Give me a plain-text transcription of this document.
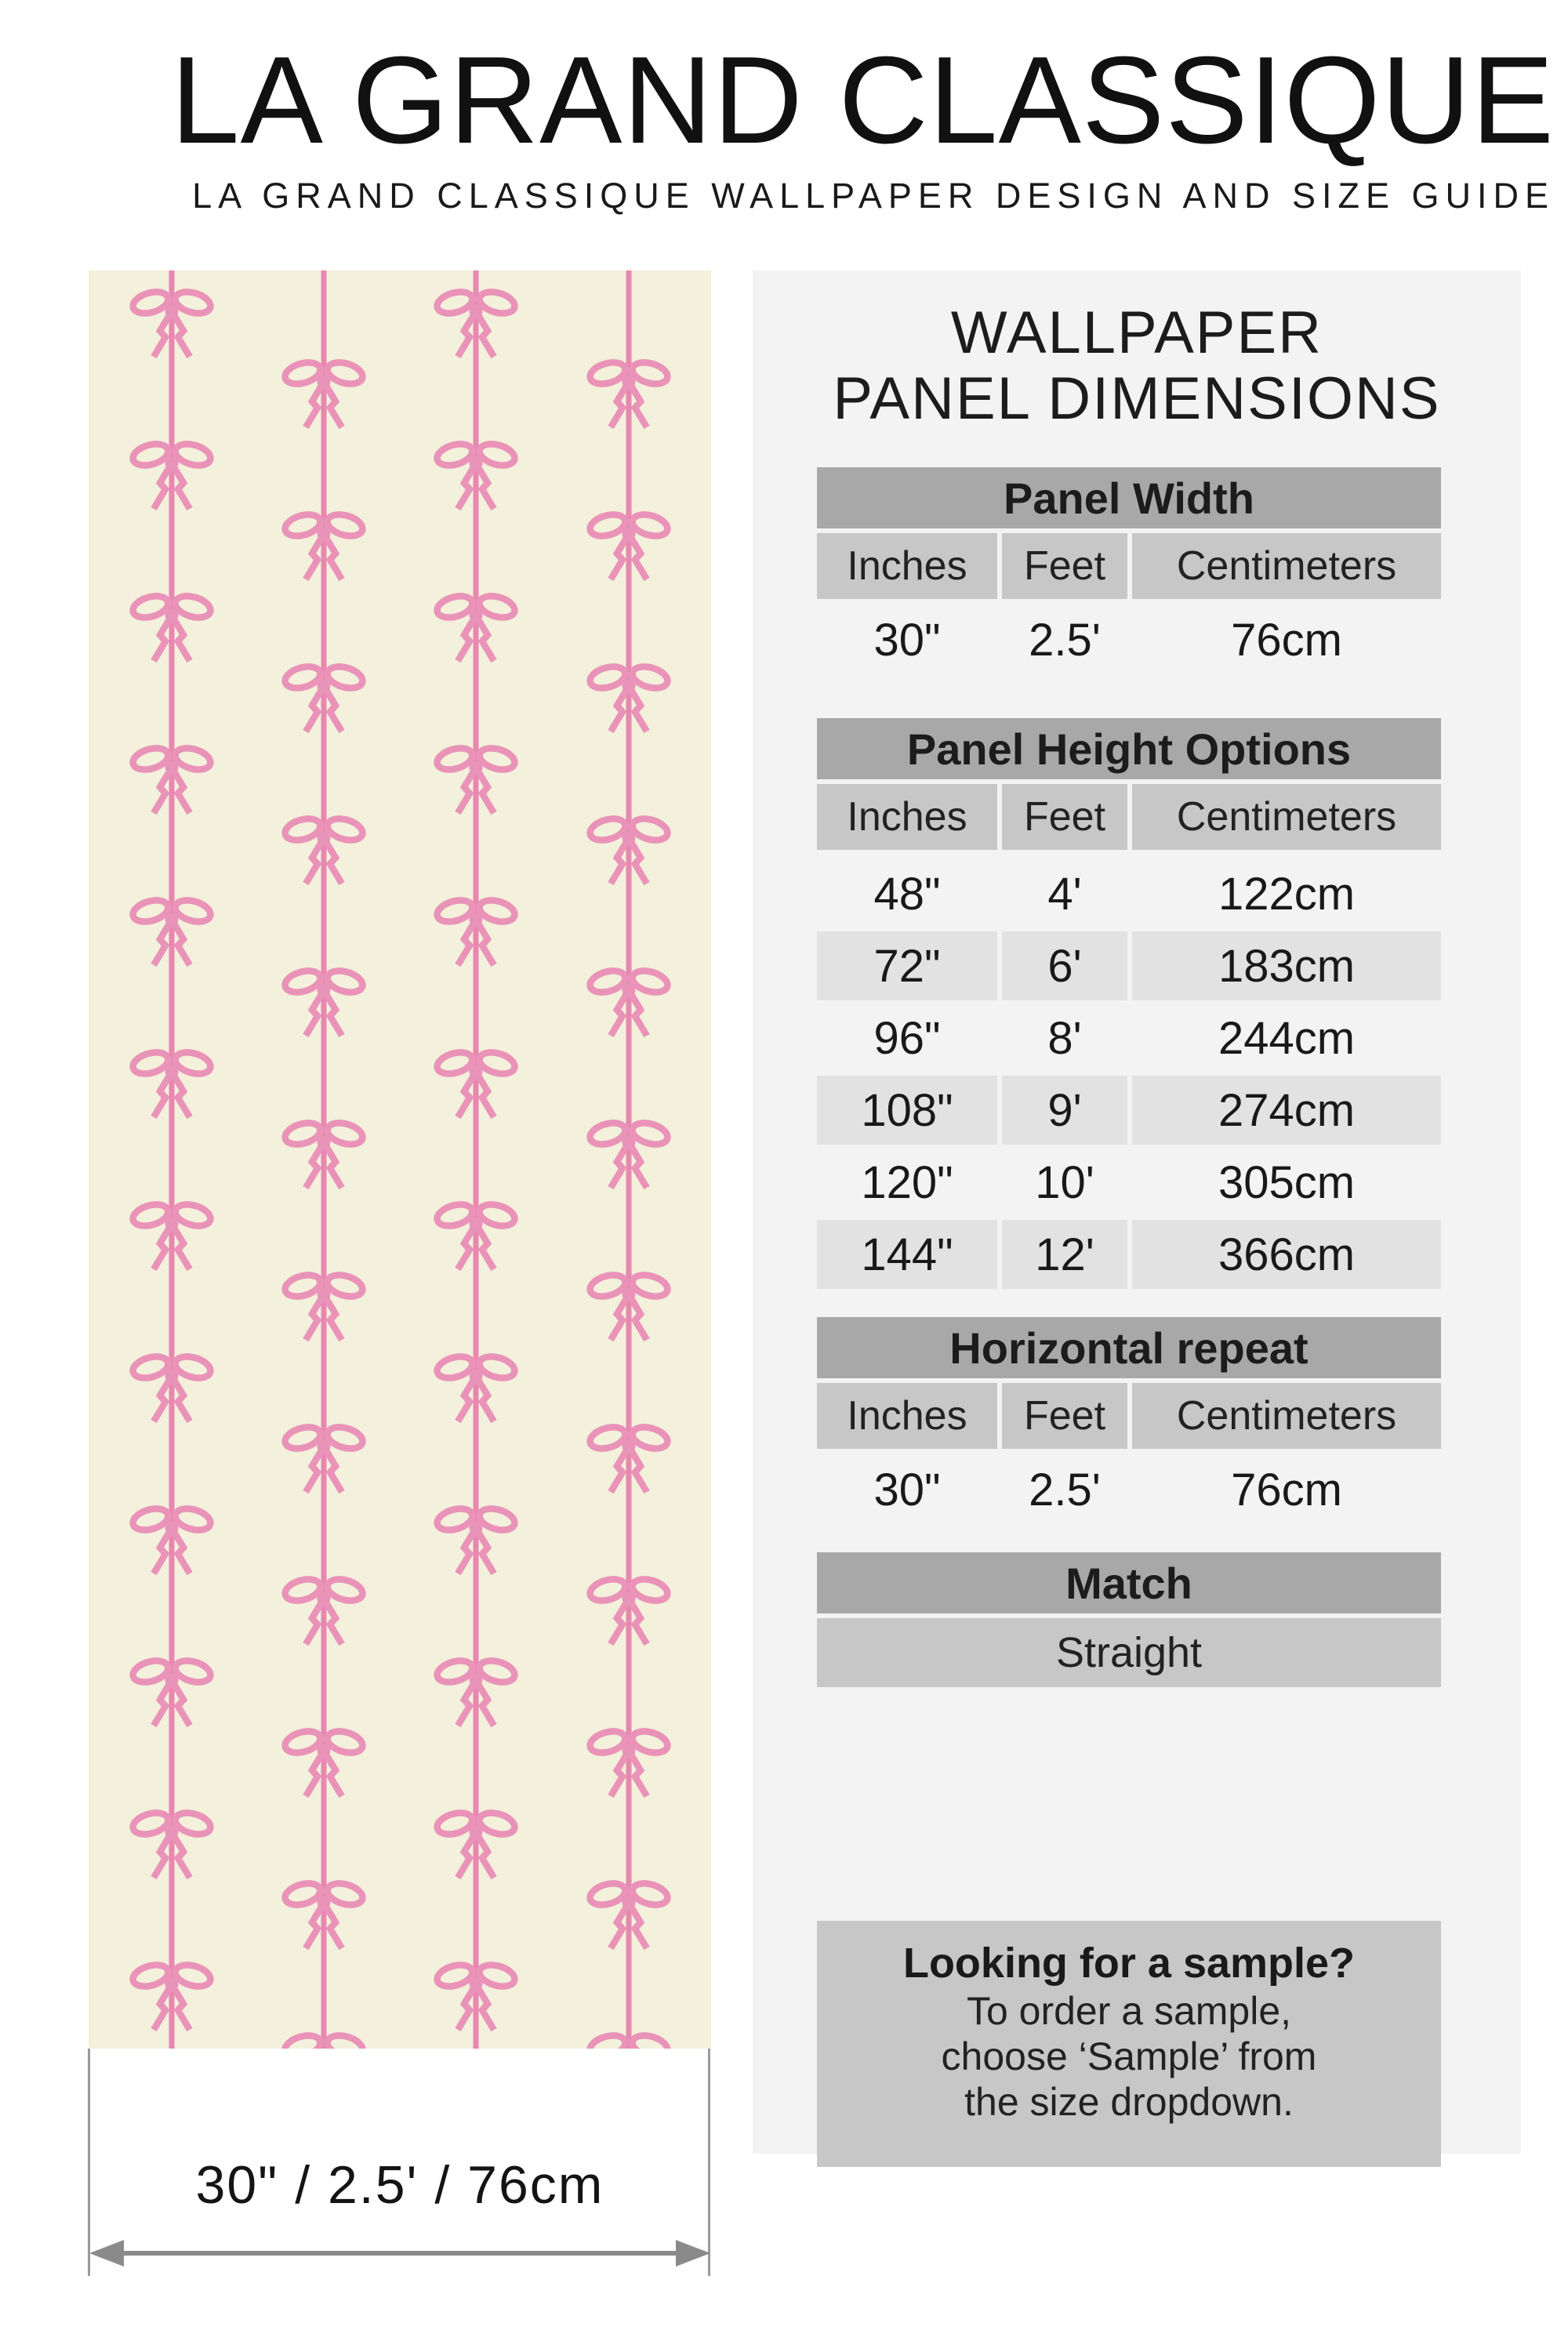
LA GRAND CLASSIQUE
LA GRAND CLASSIQUE WALLPAPER DESIGN AND SIZE GUIDE
30" / 2.5' / 76cm
WALLPAPER
PANEL DIMENSIONS
Panel Width
Inches	Feet	Centimeters
30"	2.5'	76cm
Panel Height Options
Inches	Feet	Centimeters
48"	4'	122cm
72"	6'	183cm
96"	8'	244cm
108"	9'	274cm
120"	10'	305cm
144"	12'	366cm
Horizontal repeat
Inches	Feet	Centimeters
30"	2.5'	76cm
Match
Straight
Looking for a sample?
To order a sample,
choose ‘Sample’ from
the size dropdown.
